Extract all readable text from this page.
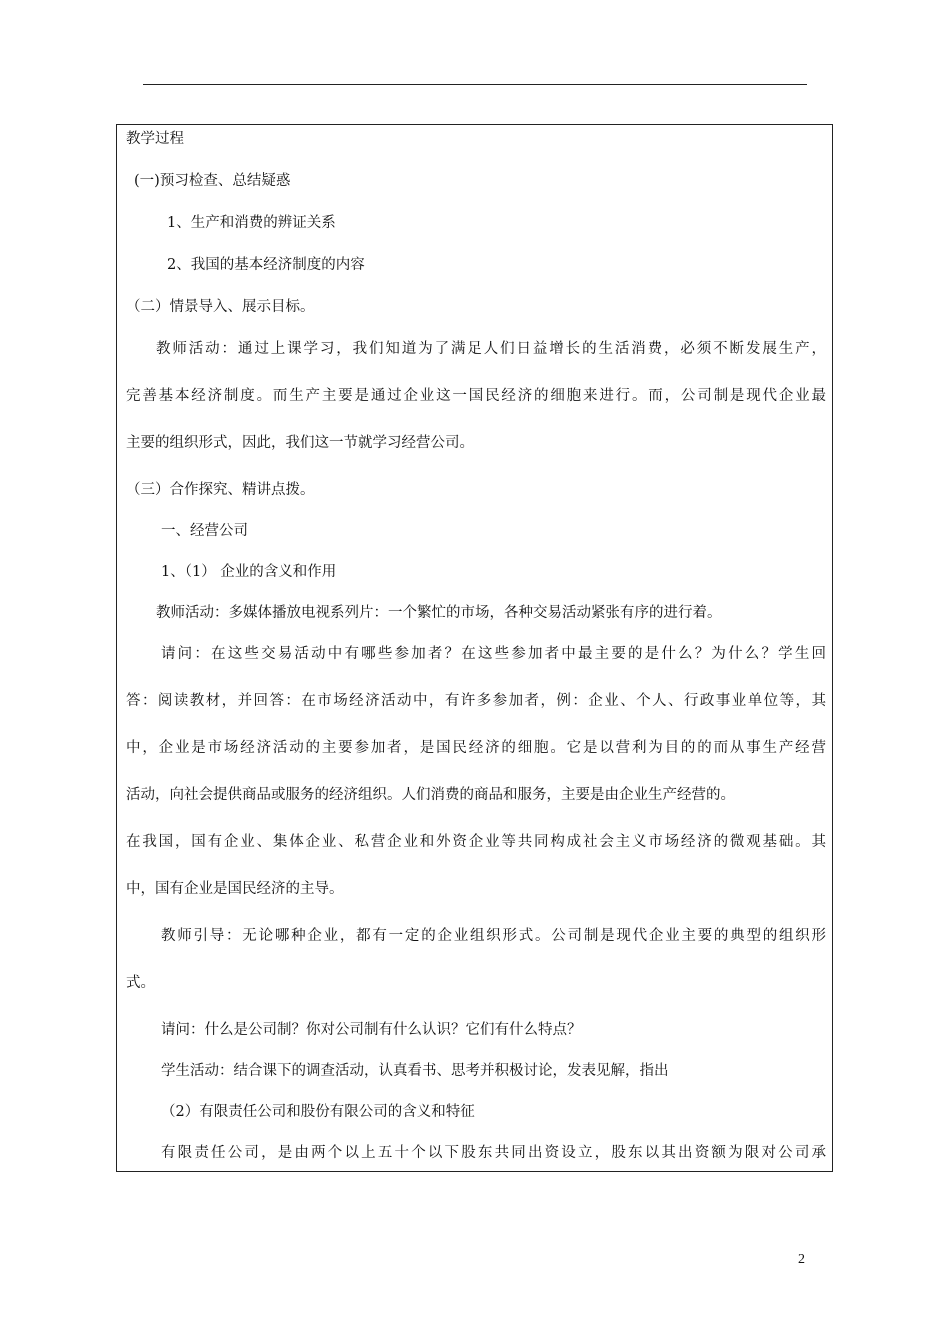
教学过程
(一)预习检查、总结疑惑
1、生产和消费的辨证关系
2、我国的基本经济制度的内容
（二）情景导入、展示目标。
教师活动：通过上课学习，我们知道为了满足人们日益增长的生活消费，必须不断发展生产，
完善基本经济制度。而生产主要是通过企业这一国民经济的细胞来进行。而，公司制是现代企业最
主要的组织形式，因此，我们这一节就学习经营公司。
（三）合作探究、精讲点拨。
一、经营公司
1、（1） 企业的含义和作用
教师活动：多媒体播放电视系列片：一个繁忙的市场，各种交易活动紧张有序的进行着。
请问：在这些交易活动中有哪些参加者？在这些参加者中最主要的是什么？为什么？学生回
答：阅读教材，并回答：在市场经济活动中，有许多参加者，例：企业、个人、行政事业单位等，其
中，企业是市场经济活动的主要参加者，是国民经济的细胞。它是以营利为目的的而从事生产经营
活动，向社会提供商品或服务的经济组织。人们消费的商品和服务，主要是由企业生产经营的。
在我国，国有企业、集体企业、私营企业和外资企业等共同构成社会主义市场经济的微观基础。其
中，国有企业是国民经济的主导。
教师引导：无论哪种企业，都有一定的企业组织形式。公司制是现代企业主要的典型的组织形
式。
请问：什么是公司制？你对公司制有什么认识？它们有什么特点？
学生活动：结合课下的调查活动，认真看书、思考并积极讨论，发表见解，指出
（2）有限责任公司和股份有限公司的含义和特征
有限责任公司，是由两个以上五十个以下股东共同出资设立，股东以其出资额为限对公司承
2
